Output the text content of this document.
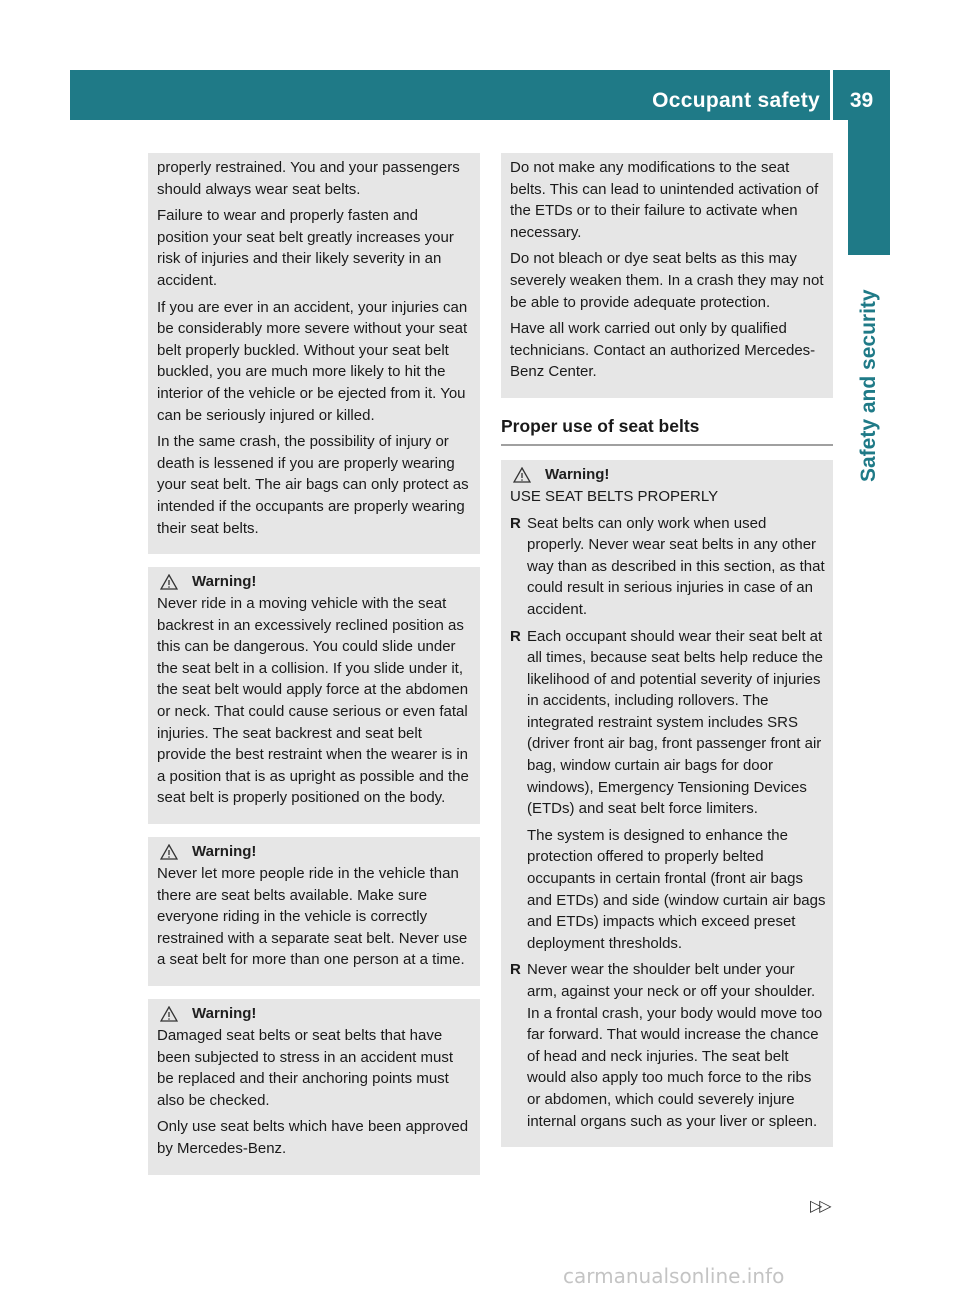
Occupant safety	39
Safety and security

properly restrained. You and your passengers should always wear seat belts.

Failure to wear and properly fasten and position your seat belt greatly increases your risk of injuries and their likely severity in an accident.

If you are ever in an accident, your injuries can be considerably more severe without your seat belt properly buckled. Without your seat belt buckled, you are much more likely to hit the interior of the vehicle or be ejected from it. You can be seriously injured or killed.

In the same crash, the possibility of injury or death is lessened if you are properly wearing your seat belt. The air bags can only protect as intended if the occupants are properly wearing their seat belts.

Warning!

Never ride in a moving vehicle with the seat backrest in an excessively reclined position as this can be dangerous. You could slide under the seat belt in a collision. If you slide under it, the seat belt would apply force at the abdomen or neck. That could cause serious or even fatal injuries. The seat backrest and seat belt provide the best restraint when the wearer is in a position that is as upright as possible and the seat belt is properly positioned on the body.

Warning!

Never let more people ride in the vehicle than there are seat belts available. Make sure everyone riding in the vehicle is correctly restrained with a separate seat belt. Never use a seat belt for more than one person at a time.

Warning!

Damaged seat belts or seat belts that have been subjected to stress in an accident must be replaced and their anchoring points must also be checked.

Only use seat belts which have been approved by Mercedes-Benz.

Do not make any modifications to the seat belts. This can lead to unintended activation of the ETDs or to their failure to activate when necessary.

Do not bleach or dye seat belts as this may severely weaken them. In a crash they may not be able to provide adequate protection.

Have all work carried out only by qualified technicians. Contact an authorized Mercedes-Benz Center.

Proper use of seat belts
Warning!

USE SEAT BELTS PROPERLY

R Seat belts can only work when used properly. Never wear seat belts in any other way than as described in this section, as that could result in serious injuries in case of an accident.

R Each occupant should wear their seat belt at all times, because seat belts help reduce the likelihood of and potential severity of injuries in accidents, including rollovers. The integrated restraint system includes SRS (driver front air bag, front passenger front air bag, window curtain air bags for door windows), Emergency Tensioning Devices (ETDs) and seat belt force limiters.

The system is designed to enhance the protection offered to properly belted occupants in certain frontal (front air bags and ETDs) and side (window curtain air bags and ETDs) impacts which exceed preset deployment thresholds.

R Never wear the shoulder belt under your arm, against your neck or off your shoulder. In a frontal crash, your body would move too far forward. That would increase the chance of head and neck injuries. The seat belt would also apply too much force to the ribs or abdomen, which could severely injure internal organs such as your liver or spleen.

▷▷
carmanualsonline.info
